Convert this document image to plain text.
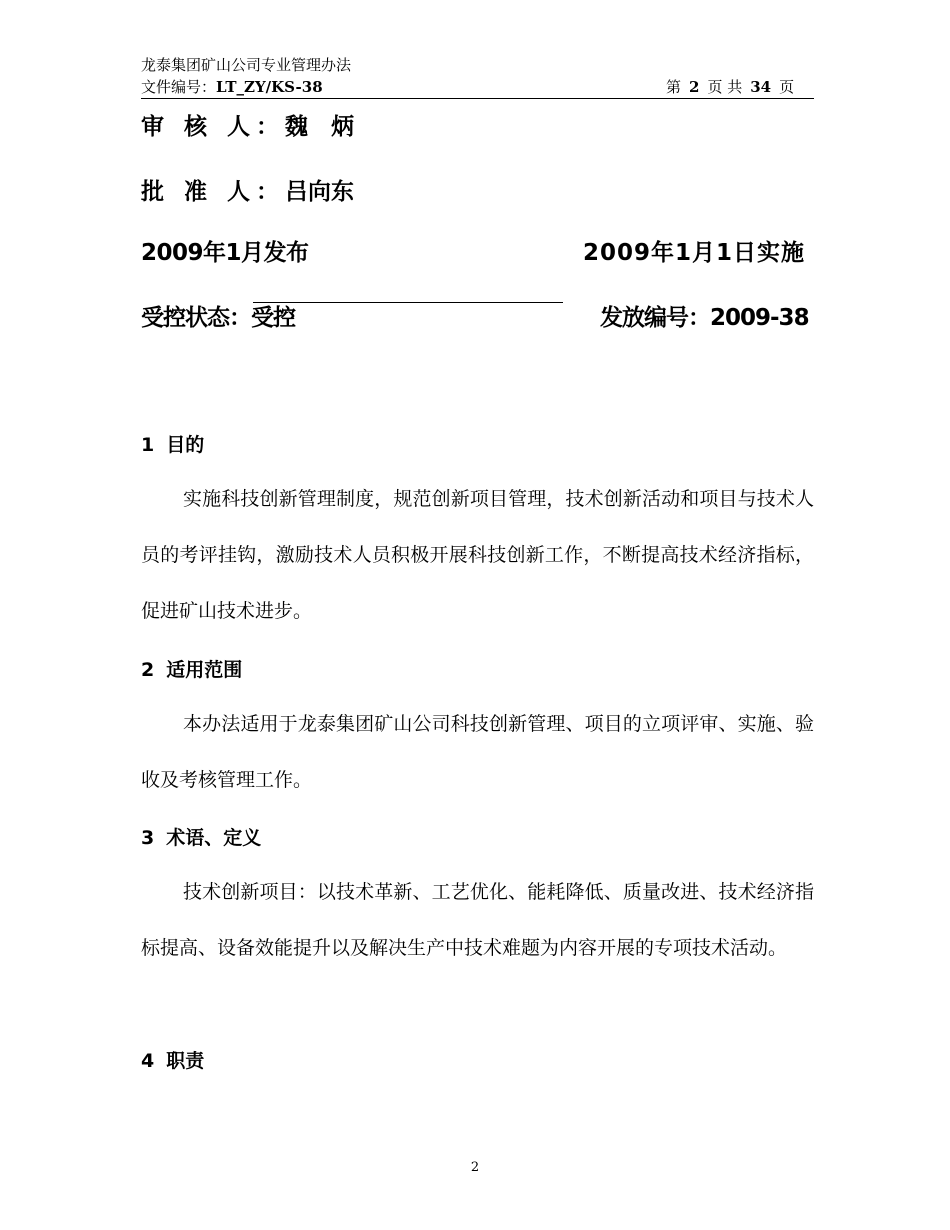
龙泰集团矿山公司专业管理办法
文件编号：LT_ZY/KS-38	第 2 页 共 34 页
审 核 人：魏　炳
批 准 人：吕向东
2009年1月发布	2009年1月1日实施
受控状态：受控	发放编号：2009-38
1 目的
实施科技创新管理制度，规范创新项目管理，技术创新活动和项目与技术人员的考评挂钩，激励技术人员积极开展科技创新工作，不断提高技术经济指标，促进矿山技术进步。
2 适用范围
本办法适用于龙泰集团矿山公司科技创新管理、项目的立项评审、实施、验收及考核管理工作。
3 术语、定义
技术创新项目：以技术革新、工艺优化、能耗降低、质量改进、技术经济指标提高、设备效能提升以及解决生产中技术难题为内容开展的专项技术活动。
4 职责
2
